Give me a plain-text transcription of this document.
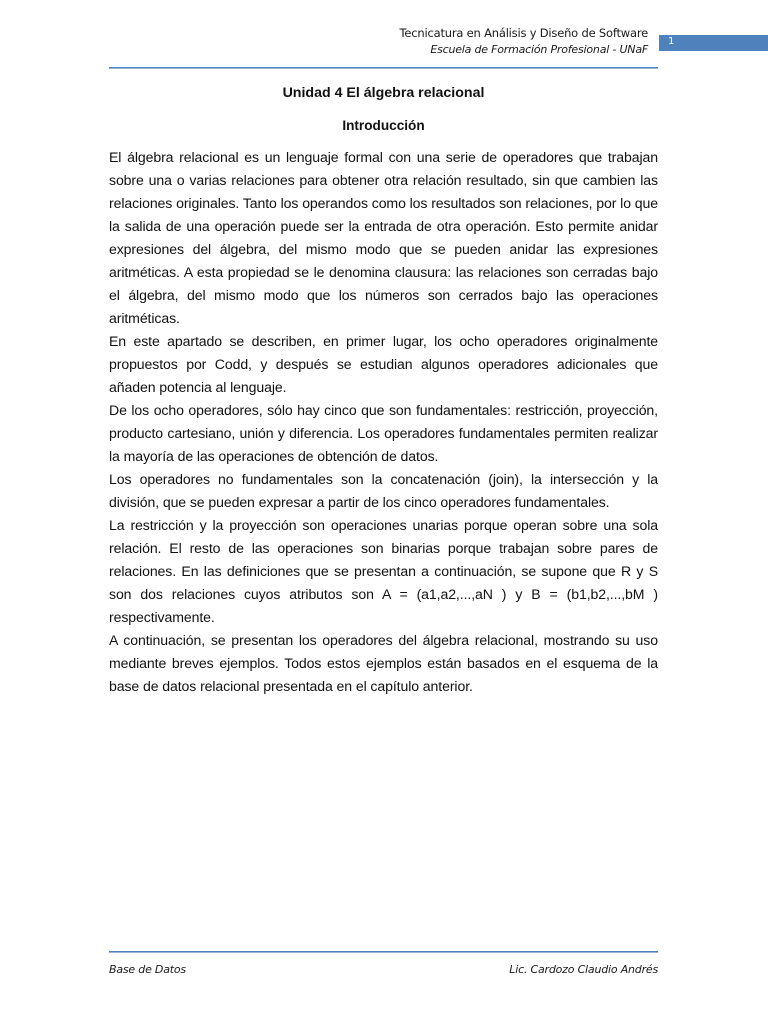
Tecnicatura en Análisis y Diseño de Software
Escuela de Formación Profesional - UNaF
1
Unidad 4 El álgebra relacional
Introducción

El álgebra relacional es un lenguaje formal con una serie de operadores que trabajan sobre una o varias relaciones para obtener otra relación resultado, sin que cambien las relaciones originales. Tanto los operandos como los resultados son relaciones, por lo que la salida de una operación puede ser la entrada de otra operación. Esto permite anidar expresiones del álgebra, del mismo modo que se pueden anidar las expresiones aritméticas. A esta propiedad se le denomina clausura: las relaciones son cerradas bajo el álgebra, del mismo modo que los números son cerrados bajo las operaciones aritméticas.

En este apartado se describen, en primer lugar, los ocho operadores originalmente propuestos por Codd, y después se estudian algunos operadores adicionales que añaden potencia al lenguaje.

De los ocho operadores, sólo hay cinco que son fundamentales: restricción, proyección, producto cartesiano, unión y diferencia. Los operadores fundamentales permiten realizar la mayoría de las operaciones de obtención de datos.

Los operadores no fundamentales son la concatenación (join), la intersección y la división, que se pueden expresar a partir de los cinco operadores fundamentales.

La restricción y la proyección son operaciones unarias porque operan sobre una sola relación. El resto de las operaciones son binarias porque trabajan sobre pares de relaciones. En las definiciones que se presentan a continuación, se supone que R y S son dos relaciones cuyos atributos son A = (a1,a2,...,aN ) y B = (b1,b2,...,bM ) respectivamente.

A continuación, se presentan los operadores del álgebra relacional, mostrando su uso mediante breves ejemplos. Todos estos ejemplos están basados en el esquema de la base de datos relacional presentada en el capítulo anterior.

Base de Datos	Lic. Cardozo Claudio Andrés
